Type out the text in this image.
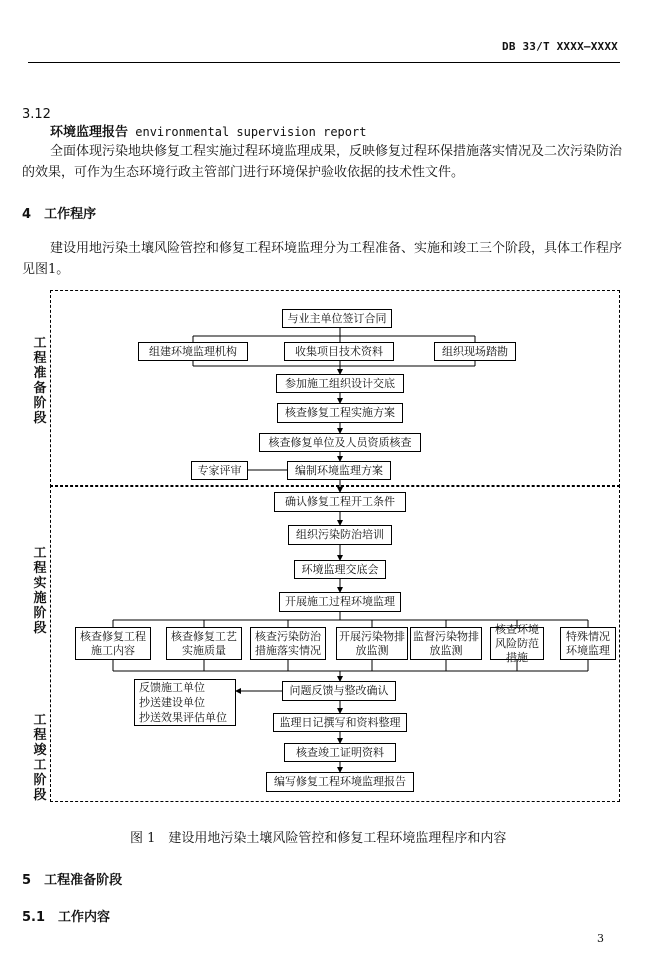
DB 33/T XXXX—XXXX
3.12
环境监理报告 environmental supervision report
全面体现污染地块修复工程实施过程环境监理成果，反映修复过程环保措施落实情况及二次污染防治的效果，可作为生态环境行政主管部门进行环境保护验收依据的技术性文件。
4　 工作程序
建设用地污染土壤风险管控和修复工程环境监理分为工程准备、实施和竣工三个阶段，具体工作程序见图1。
工程准备阶段
工程实施阶段
工程竣工阶段
与业主单位签订合同
组建环境监理机构	收集项目技术资料	组织现场踏勘
参加施工组织设计交底
核查修复工程实施方案
核查修复单位及人员资质核查
专家评审	编制环境监理方案
确认修复工程开工条件
组织污染防治培训
环境监理交底会
开展施工过程环境监理
核查修复工程施工内容
核查修复工艺实施质量
核查污染防治措施落实情况
开展污染物排放监测
监督污染物排放监测
核查环境风险防范措施
特殊情况环境监理
问题反馈与整改确认
反馈施工单位
抄送建设单位
抄送效果评估单位	监理日记撰写和资料整理
核查竣工证明资料
编写修复工程环境监理报告
图 1　建设用地污染土壤风险管控和修复工程环境监理程序和内容
5　 工程准备阶段
5.1　 工作内容
3
